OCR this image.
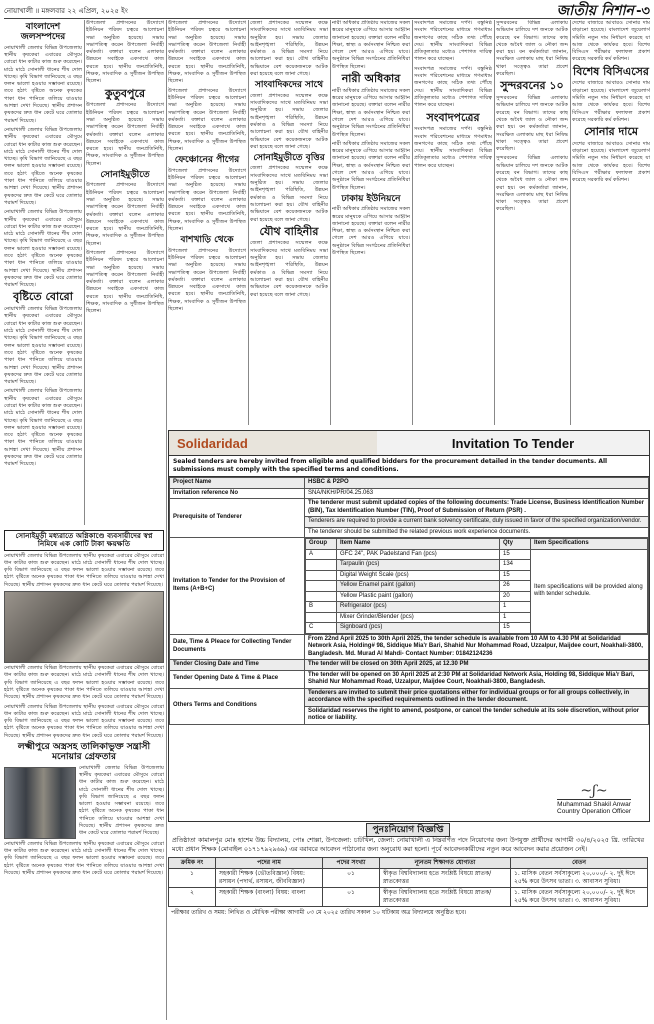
নোয়াখালী ॥ মঙ্গলবার ২২ এপ্রিল, ২০২৫ ইং	জাতীয় নিশান -৩
বাংলাদেশ জলসম্পদের

নোয়াখালী জেলার বিভিন্ন উপজেলায় স্থানীয় কৃষকেরা এবারের মৌসুমে বোরো ধান কাটার কাজ শুরু করেছেন। মাঠে মাঠে সোনালী ধানের শীষ দোল খাচ্ছে। কৃষি বিভাগ জানিয়েছে এ বছর ফলন ভালো হওয়ার সম্ভাবনা রয়েছে। তবে হঠাৎ বৃষ্টিতে অনেক কৃষকের পাকা ধান পানিতে তলিয়ে যাওয়ার আশঙ্কা দেখা দিয়েছে। স্থানীয় প্রশাসন কৃষকদের দ্রুত ধান কেটে ঘরে তোলার পরামর্শ দিয়েছে।

নোয়াখালী জেলার বিভিন্ন উপজেলায় স্থানীয় কৃষকেরা এবারের মৌসুমে বোরো ধান কাটার কাজ শুরু করেছেন। মাঠে মাঠে সোনালী ধানের শীষ দোল খাচ্ছে। কৃষি বিভাগ জানিয়েছে এ বছর ফলন ভালো হওয়ার সম্ভাবনা রয়েছে। তবে হঠাৎ বৃষ্টিতে অনেক কৃষকের পাকা ধান পানিতে তলিয়ে যাওয়ার আশঙ্কা দেখা দিয়েছে। স্থানীয় প্রশাসন কৃষকদের দ্রুত ধান কেটে ঘরে তোলার পরামর্শ দিয়েছে।

নোয়াখালী জেলার বিভিন্ন উপজেলায় স্থানীয় কৃষকেরা এবারের মৌসুমে বোরো ধান কাটার কাজ শুরু করেছেন। মাঠে মাঠে সোনালী ধানের শীষ দোল খাচ্ছে। কৃষি বিভাগ জানিয়েছে এ বছর ফলন ভালো হওয়ার সম্ভাবনা রয়েছে। তবে হঠাৎ বৃষ্টিতে অনেক কৃষকের পাকা ধান পানিতে তলিয়ে যাওয়ার আশঙ্কা দেখা দিয়েছে। স্থানীয় প্রশাসন কৃষকদের দ্রুত ধান কেটে ঘরে তোলার পরামর্শ দিয়েছে।

বৃষ্টিতে বোরো

নোয়াখালী জেলার বিভিন্ন উপজেলায় স্থানীয় কৃষকেরা এবারের মৌসুমে বোরো ধান কাটার কাজ শুরু করেছেন। মাঠে মাঠে সোনালী ধানের শীষ দোল খাচ্ছে। কৃষি বিভাগ জানিয়েছে এ বছর ফলন ভালো হওয়ার সম্ভাবনা রয়েছে। তবে হঠাৎ বৃষ্টিতে অনেক কৃষকের পাকা ধান পানিতে তলিয়ে যাওয়ার আশঙ্কা দেখা দিয়েছে। স্থানীয় প্রশাসন কৃষকদের দ্রুত ধান কেটে ঘরে তোলার পরামর্শ দিয়েছে।

নোয়াখালী জেলার বিভিন্ন উপজেলায় স্থানীয় কৃষকেরা এবারের মৌসুমে বোরো ধান কাটার কাজ শুরু করেছেন। মাঠে মাঠে সোনালী ধানের শীষ দোল খাচ্ছে। কৃষি বিভাগ জানিয়েছে এ বছর ফলন ভালো হওয়ার সম্ভাবনা রয়েছে। তবে হঠাৎ বৃষ্টিতে অনেক কৃষকের পাকা ধান পানিতে তলিয়ে যাওয়ার আশঙ্কা দেখা দিয়েছে। স্থানীয় প্রশাসন কৃষকদের দ্রুত ধান কেটে ঘরে তোলার পরামর্শ দিয়েছে।

সোনাইমুড়ী মধ্যরাতে অগ্নিকাণ্ডে ব্যবসায়ীদের স্বপ্ন নিমিষে এক কোটি টাকা ক্ষয়ক্ষতি

নোয়াখালী জেলার বিভিন্ন উপজেলায় স্থানীয় কৃষকেরা এবারের মৌসুমে বোরো ধান কাটার কাজ শুরু করেছেন। মাঠে মাঠে সোনালী ধানের শীষ দোল খাচ্ছে। কৃষি বিভাগ জানিয়েছে এ বছর ফলন ভালো হওয়ার সম্ভাবনা রয়েছে। তবে হঠাৎ বৃষ্টিতে অনেক কৃষকের পাকা ধান পানিতে তলিয়ে যাওয়ার আশঙ্কা দেখা দিয়েছে। স্থানীয় প্রশাসন কৃষকদের দ্রুত ধান কেটে ঘরে তোলার পরামর্শ দিয়েছে।

নোয়াখালী জেলার বিভিন্ন উপজেলায় স্থানীয় কৃষকেরা এবারের মৌসুমে বোরো ধান কাটার কাজ শুরু করেছেন। মাঠে মাঠে সোনালী ধানের শীষ দোল খাচ্ছে। কৃষি বিভাগ জানিয়েছে এ বছর ফলন ভালো হওয়ার সম্ভাবনা রয়েছে। তবে হঠাৎ বৃষ্টিতে অনেক কৃষকের পাকা ধান পানিতে তলিয়ে যাওয়ার আশঙ্কা দেখা দিয়েছে। স্থানীয় প্রশাসন কৃষকদের দ্রুত ধান কেটে ঘরে তোলার পরামর্শ দিয়েছে।

নোয়াখালী জেলার বিভিন্ন উপজেলায় স্থানীয় কৃষকেরা এবারের মৌসুমে বোরো ধান কাটার কাজ শুরু করেছেন। মাঠে মাঠে সোনালী ধানের শীষ দোল খাচ্ছে। কৃষি বিভাগ জানিয়েছে এ বছর ফলন ভালো হওয়ার সম্ভাবনা রয়েছে। তবে হঠাৎ বৃষ্টিতে অনেক কৃষকের পাকা ধান পানিতে তলিয়ে যাওয়ার আশঙ্কা দেখা দিয়েছে। স্থানীয় প্রশাসন কৃষকদের দ্রুত ধান কেটে ঘরে তোলার পরামর্শ দিয়েছে।

লক্ষ্মীপুরে অস্ত্রসহ তালিকাভুক্ত সন্ত্রাসী মনোয়ার গ্রেফতার

নোয়াখালী জেলার বিভিন্ন উপজেলায় স্থানীয় কৃষকেরা এবারের মৌসুমে বোরো ধান কাটার কাজ শুরু করেছেন। মাঠে মাঠে সোনালী ধানের শীষ দোল খাচ্ছে। কৃষি বিভাগ জানিয়েছে এ বছর ফলন ভালো হওয়ার সম্ভাবনা রয়েছে। তবে হঠাৎ বৃষ্টিতে অনেক কৃষকের পাকা ধান পানিতে তলিয়ে যাওয়ার আশঙ্কা দেখা দিয়েছে। স্থানীয় প্রশাসন কৃষকদের দ্রুত ধান কেটে ঘরে তোলার পরামর্শ দিয়েছে।

নোয়াখালী জেলার বিভিন্ন উপজেলায় স্থানীয় কৃষকেরা এবারের মৌসুমে বোরো ধান কাটার কাজ শুরু করেছেন। মাঠে মাঠে সোনালী ধানের শীষ দোল খাচ্ছে। কৃষি বিভাগ জানিয়েছে এ বছর ফলন ভালো হওয়ার সম্ভাবনা রয়েছে। তবে হঠাৎ বৃষ্টিতে অনেক কৃষকের পাকা ধান পানিতে তলিয়ে যাওয়ার আশঙ্কা দেখা দিয়েছে। স্থানীয় প্রশাসন কৃষকদের দ্রুত ধান কেটে ঘরে তোলার পরামর্শ দিয়েছে।

উপজেলা প্রশাসনের উদ্যোগে ইউনিয়ন পরিষদ চত্বরে আলোচনা সভা অনুষ্ঠিত হয়েছে। সভায় সভাপতিত্ব করেন উপজেলা নির্বাহী কর্মকর্তা। বক্তারা বলেন এলাকার উন্নয়নে সবাইকে একসাথে কাজ করতে হবে। স্থানীয় জনপ্রতিনিধি, শিক্ষক, সাংবাদিক ও সুধীজন উপস্থিত ছিলেন।

কুতুবপুরে

উপজেলা প্রশাসনের উদ্যোগে ইউনিয়ন পরিষদ চত্বরে আলোচনা সভা অনুষ্ঠিত হয়েছে। সভায় সভাপতিত্ব করেন উপজেলা নির্বাহী কর্মকর্তা। বক্তারা বলেন এলাকার উন্নয়নে সবাইকে একসাথে কাজ করতে হবে। স্থানীয় জনপ্রতিনিধি, শিক্ষক, সাংবাদিক ও সুধীজন উপস্থিত ছিলেন।

সোনাইমুড়ীতে

উপজেলা প্রশাসনের উদ্যোগে ইউনিয়ন পরিষদ চত্বরে আলোচনা সভা অনুষ্ঠিত হয়েছে। সভায় সভাপতিত্ব করেন উপজেলা নির্বাহী কর্মকর্তা। বক্তারা বলেন এলাকার উন্নয়নে সবাইকে একসাথে কাজ করতে হবে। স্থানীয় জনপ্রতিনিধি, শিক্ষক, সাংবাদিক ও সুধীজন উপস্থিত ছিলেন।

উপজেলা প্রশাসনের উদ্যোগে ইউনিয়ন পরিষদ চত্বরে আলোচনা সভা অনুষ্ঠিত হয়েছে। সভায় সভাপতিত্ব করেন উপজেলা নির্বাহী কর্মকর্তা। বক্তারা বলেন এলাকার উন্নয়নে সবাইকে একসাথে কাজ করতে হবে। স্থানীয় জনপ্রতিনিধি, শিক্ষক, সাংবাদিক ও সুধীজন উপস্থিত ছিলেন।

উপজেলা প্রশাসনের উদ্যোগে ইউনিয়ন পরিষদ চত্বরে আলোচনা সভা অনুষ্ঠিত হয়েছে। সভায় সভাপতিত্ব করেন উপজেলা নির্বাহী কর্মকর্তা। বক্তারা বলেন এলাকার উন্নয়নে সবাইকে একসাথে কাজ করতে হবে। স্থানীয় জনপ্রতিনিধি, শিক্ষক, সাংবাদিক ও সুধীজন উপস্থিত ছিলেন।

উপজেলা প্রশাসনের উদ্যোগে ইউনিয়ন পরিষদ চত্বরে আলোচনা সভা অনুষ্ঠিত হয়েছে। সভায় সভাপতিত্ব করেন উপজেলা নির্বাহী কর্মকর্তা। বক্তারা বলেন এলাকার উন্নয়নে সবাইকে একসাথে কাজ করতে হবে। স্থানীয় জনপ্রতিনিধি, শিক্ষক, সাংবাদিক ও সুধীজন উপস্থিত ছিলেন।

ফেঞ্চোনের পীগের

উপজেলা প্রশাসনের উদ্যোগে ইউনিয়ন পরিষদ চত্বরে আলোচনা সভা অনুষ্ঠিত হয়েছে। সভায় সভাপতিত্ব করেন উপজেলা নির্বাহী কর্মকর্তা। বক্তারা বলেন এলাকার উন্নয়নে সবাইকে একসাথে কাজ করতে হবে। স্থানীয় জনপ্রতিনিধি, শিক্ষক, সাংবাদিক ও সুধীজন উপস্থিত ছিলেন।

বাশখাড়ি থেকে

উপজেলা প্রশাসনের উদ্যোগে ইউনিয়ন পরিষদ চত্বরে আলোচনা সভা অনুষ্ঠিত হয়েছে। সভায় সভাপতিত্ব করেন উপজেলা নির্বাহী কর্মকর্তা। বক্তারা বলেন এলাকার উন্নয়নে সবাইকে একসাথে কাজ করতে হবে। স্থানীয় জনপ্রতিনিধি, শিক্ষক, সাংবাদিক ও সুধীজন উপস্থিত ছিলেন।

জেলা প্রশাসকের সম্মেলন কক্ষে সাংবাদিকদের সাথে মতবিনিময় সভা অনুষ্ঠিত হয়। সভায় জেলার আইনশৃঙ্খলা পরিস্থিতি, উন্নয়ন কর্মকাণ্ড ও বিভিন্ন সমস্যা নিয়ে আলোচনা করা হয়। যৌথ বাহিনীর অভিযানে বেশ কয়েকজনকে আটক করা হয়েছে বলে জানা গেছে।

সাংবাদিকদের সাথে

জেলা প্রশাসকের সম্মেলন কক্ষে সাংবাদিকদের সাথে মতবিনিময় সভা অনুষ্ঠিত হয়। সভায় জেলার আইনশৃঙ্খলা পরিস্থিতি, উন্নয়ন কর্মকাণ্ড ও বিভিন্ন সমস্যা নিয়ে আলোচনা করা হয়। যৌথ বাহিনীর অভিযানে বেশ কয়েকজনকে আটক করা হয়েছে বলে জানা গেছে।

সোনাইমুড়ীতে বৃত্তির

জেলা প্রশাসকের সম্মেলন কক্ষে সাংবাদিকদের সাথে মতবিনিময় সভা অনুষ্ঠিত হয়। সভায় জেলার আইনশৃঙ্খলা পরিস্থিতি, উন্নয়ন কর্মকাণ্ড ও বিভিন্ন সমস্যা নিয়ে আলোচনা করা হয়। যৌথ বাহিনীর অভিযানে বেশ কয়েকজনকে আটক করা হয়েছে বলে জানা গেছে।

যৌথ বাহিনীর

জেলা প্রশাসকের সম্মেলন কক্ষে সাংবাদিকদের সাথে মতবিনিময় সভা অনুষ্ঠিত হয়। সভায় জেলার আইনশৃঙ্খলা পরিস্থিতি, উন্নয়ন কর্মকাণ্ড ও বিভিন্ন সমস্যা নিয়ে আলোচনা করা হয়। যৌথ বাহিনীর অভিযানে বেশ কয়েকজনকে আটক করা হয়েছে বলে জানা গেছে।

নারী অধিকার প্রতিষ্ঠায় সমাজের সকল স্তরের মানুষকে এগিয়ে আসার আহ্বান জানানো হয়েছে। বক্তারা বলেন নারীর শিক্ষা, স্বাস্থ্য ও কর্মসংস্থান নিশ্চিত করা গেলে দেশ আরও এগিয়ে যাবে। অনুষ্ঠানে বিভিন্ন সংগঠনের প্রতিনিধিরা উপস্থিত ছিলেন।

নারী অধিকার

নারী অধিকার প্রতিষ্ঠায় সমাজের সকল স্তরের মানুষকে এগিয়ে আসার আহ্বান জানানো হয়েছে। বক্তারা বলেন নারীর শিক্ষা, স্বাস্থ্য ও কর্মসংস্থান নিশ্চিত করা গেলে দেশ আরও এগিয়ে যাবে। অনুষ্ঠানে বিভিন্ন সংগঠনের প্রতিনিধিরা উপস্থিত ছিলেন।

নারী অধিকার প্রতিষ্ঠায় সমাজের সকল স্তরের মানুষকে এগিয়ে আসার আহ্বান জানানো হয়েছে। বক্তারা বলেন নারীর শিক্ষা, স্বাস্থ্য ও কর্মসংস্থান নিশ্চিত করা গেলে দেশ আরও এগিয়ে যাবে। অনুষ্ঠানে বিভিন্ন সংগঠনের প্রতিনিধিরা উপস্থিত ছিলেন।

ঢাকায় ইউনিয়নে

নারী অধিকার প্রতিষ্ঠায় সমাজের সকল স্তরের মানুষকে এগিয়ে আসার আহ্বান জানানো হয়েছে। বক্তারা বলেন নারীর শিক্ষা, স্বাস্থ্য ও কর্মসংস্থান নিশ্চিত করা গেলে দেশ আরও এগিয়ে যাবে। অনুষ্ঠানে বিভিন্ন সংগঠনের প্রতিনিধিরা উপস্থিত ছিলেন।

সংবাদপত্র সমাজের দর্পণ। বস্তুনিষ্ঠ সংবাদ পরিবেশনের মাধ্যমে গণমাধ্যম জনগণের কাছে সঠিক তথ্য পৌঁছে দেয়। স্থানীয় সাংবাদিকরা বিভিন্ন প্রতিকূলতার মধ্যেও পেশাগত দায়িত্ব পালন করে যাচ্ছেন।

সংবাদপত্র সমাজের দর্পণ। বস্তুনিষ্ঠ সংবাদ পরিবেশনের মাধ্যমে গণমাধ্যম জনগণের কাছে সঠিক তথ্য পৌঁছে দেয়। স্থানীয় সাংবাদিকরা বিভিন্ন প্রতিকূলতার মধ্যেও পেশাগত দায়িত্ব পালন করে যাচ্ছেন।

সংবাদপত্রের

সংবাদপত্র সমাজের দর্পণ। বস্তুনিষ্ঠ সংবাদ পরিবেশনের মাধ্যমে গণমাধ্যম জনগণের কাছে সঠিক তথ্য পৌঁছে দেয়। স্থানীয় সাংবাদিকরা বিভিন্ন প্রতিকূলতার মধ্যেও পেশাগত দায়িত্ব পালন করে যাচ্ছেন।

সুন্দরবনের বিভিন্ন এলাকায় অভিযান চালিয়ে দশ জনকে আটক করেছে বন বিভাগ। তাদের কাছ থেকে অবৈধ জাল ও নৌকা জব্দ করা হয়। বন কর্মকর্তারা জানান, সংরক্ষিত এলাকায় মাছ ধরা নিষিদ্ধ থাকা সত্ত্বেও তারা প্রবেশ করেছিল।

সুন্দরবনের ১০

সুন্দরবনের বিভিন্ন এলাকায় অভিযান চালিয়ে দশ জনকে আটক করেছে বন বিভাগ। তাদের কাছ থেকে অবৈধ জাল ও নৌকা জব্দ করা হয়। বন কর্মকর্তারা জানান, সংরক্ষিত এলাকায় মাছ ধরা নিষিদ্ধ থাকা সত্ত্বেও তারা প্রবেশ করেছিল।

সুন্দরবনের বিভিন্ন এলাকায় অভিযান চালিয়ে দশ জনকে আটক করেছে বন বিভাগ। তাদের কাছ থেকে অবৈধ জাল ও নৌকা জব্দ করা হয়। বন কর্মকর্তারা জানান, সংরক্ষিত এলাকায় মাছ ধরা নিষিদ্ধ থাকা সত্ত্বেও তারা প্রবেশ করেছিল।

দেশের বাজারে আবারও সোনার দাম বাড়ানো হয়েছে। বাংলাদেশ জুয়েলার্স সমিতি নতুন দাম নির্ধারণ করেছে যা আজ থেকে কার্যকর হবে। বিশেষ বিসিএস পরীক্ষার ফলাফল প্রকাশ করেছে সরকারি কর্ম কমিশন।

বিশেষ বিসিএসের

দেশের বাজারে আবারও সোনার দাম বাড়ানো হয়েছে। বাংলাদেশ জুয়েলার্স সমিতি নতুন দাম নির্ধারণ করেছে যা আজ থেকে কার্যকর হবে। বিশেষ বিসিএস পরীক্ষার ফলাফল প্রকাশ করেছে সরকারি কর্ম কমিশন।

সোনার দামে

দেশের বাজারে আবারও সোনার দাম বাড়ানো হয়েছে। বাংলাদেশ জুয়েলার্স সমিতি নতুন দাম নির্ধারণ করেছে যা আজ থেকে কার্যকর হবে। বিশেষ বিসিএস পরীক্ষার ফলাফল প্রকাশ করেছে সরকারি কর্ম কমিশন।

Solidaridad	Invitation To Tender
Sealed tenders are hereby invited from eligible and qualified bidders for the procurement detailed in the tender documents. All submissions must comply with the specified terms and conditions.
Project Name	HSBC & P2PO
Invitation reference No	SNA/NKH/PR/04.25.063
Prerequisite of Tenderer	
The tenderer must submit updated copies of the following documents: Trade License, Business Identification Number (BIN), Tax Identification Number (TIN), Proof of Submission of Return (PSR) .
Tenderers are required to provide a current bank solvency certificate, duly issued in favor of the specified organization/vendor.
The tenderer should be submitted the related previous work experience documents.

Invitation to Tender for the Provision of Items (A+B+C)	
Group	Item Name	Qty	Item Specifications
A	GFC 24", PAK Padelstand Fan (pcs)	15	Item specifications will be provided along with tender schedule.
	Tarpaulin (pcs)	134
	Digital Weight Scale (pcs)	15
	Yellow Enamel paint (gallon)	26
	Yellow Plastic paint (gallon)	20
B	Refrigerator (pcs)	1
	Mixer Grinder/Blender (pcs)	1
C	Signboard (pcs)	15

Date, Time & Pleace for Collecting Tender Documents	From 22nd April 2025 to 30th April 2025, the tender schedule is available from 10 AM to 4.30 PM at Solidaridad Network Asia, Holding# 98, Siddique Mia'r Bari, Shahid Nur Mohammad Road, Uzzalpur, Maijdee court, Noakhali-3800, Bangladesh. Md. Murad Al Mahdi- Contact Number: 01842124236
Tender Closing Date and Time	The tender will be closed on 30th April 2025, at 12.30 PM
Tender Opening Date & Time & Place	The tender will be opened on 30 April 2025 at 2:30 PM at Solidaridad Network Asia, Holding 98, Siddique Mia'r Bari, Shahid Nur Mohammad Road, Uzzalpur, Maijdee Court, Noakhali-3800, Bangladesh.
Others Terms and Conditions	
Tenderers are invited to submit their price quotations either for individual groups or for all groups collectively, in accordance with the specified requirements outlined in the tender document.
Solidaridad reserves the right to amend, postpone, or cancel the tender schedule at its sole discretion, without prior notice or liability.
~ʃ~
Muhammad Shakil Anwar
Country Operation Officer
পুনঃনিয়োগ বিজ্ঞপ্তি
প্রতিষ্ঠাতা কামালপুর মোঃ হাশেম উচ্চ বিদ্যালয়, পোঃ শোল্লা, উপজেলা: চাটখিল, জেলা: নোয়াখালী এ নিম্নবর্ণিত পদে নিয়োগের জন্য উপযুক্ত প্রার্থীদের আগামী ৩০/৪/২০২৫ খ্রি. তারিখের মধ্যে প্রধান শিক্ষক (মোবাইল ০১৭১৭৯২৯৬৯) এর বরাবরে আবেদন পাঠানোর জন্য অনুরোধ করা হলো। পূর্বে আবেদনকারীদের নতুন করে আবেদন করার প্রয়োজন নেই।
ক্রমিক নং	পদের নাম	পদের সংখ্যা	ন্যূনতম শিক্ষাগত যোগ্যতা	বেতন
১	সহকারী শিক্ষক (ভৌতবিজ্ঞান) বিষয়: রসায়ন (পদার্থ, রসায়ন, জীববিজ্ঞান)	০১	স্বীকৃত বিশ্ববিদ্যালয় হতে সংশ্লিষ্ট বিষয়ে স্নাতক/স্নাতকোত্তর	১. মাসিক বেতন সর্বসাকুল্যে ২০,০০০/- ২. দুই ঈদে ২৫% করে উৎসব ভাতা। ৩. আবাসন সুবিধা।
২	সহকারী শিক্ষক (বাংলা) বিষয়: বাংলা	০১	স্বীকৃত বিশ্ববিদ্যালয় হতে সংশ্লিষ্ট বিষয়ে স্নাতক/স্নাতকোত্তর	১. মাসিক বেতন সর্বসাকুল্যে ২০,০০০/- ২. দুই ঈদে ২৫% করে উৎসব ভাতা। ৩. আবাসন সুবিধা।
পরীক্ষার তারিখ ও সময়: লিখিত ও মৌখিক পরীক্ষা আগামী ০৩ মে ২০২৫ তারিখ সকাল ১০ ঘটিকায় অত্র বিদ্যালয়ে অনুষ্ঠিত হবে।
